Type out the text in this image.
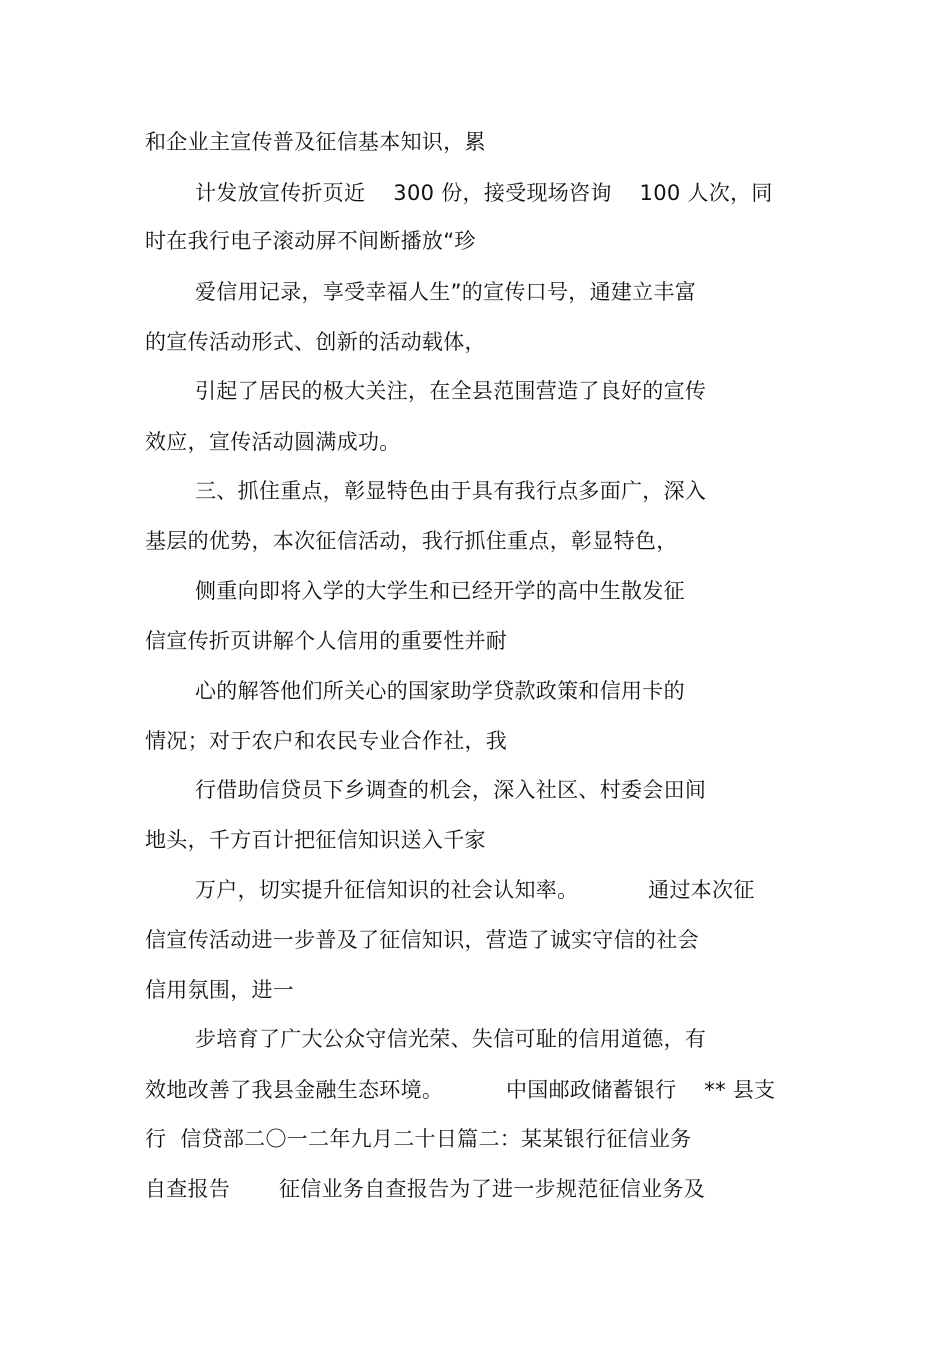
和企业主宣传普及征信基本知识，累
计发放宣传折页近    300 份，接受现场咨询    100 人次，同
时在我行电子滚动屏不间断播放“珍
爱信用记录，享受幸福人生”的宣传口号，通建立丰富
的宣传活动形式、创新的活动载体，
引起了居民的极大关注，在全县范围营造了良好的宣传
效应，宣传活动圆满成功。
三、抓住重点，彰显特色由于具有我行点多面广，深入
基层的优势，本次征信活动，我行抓住重点，彰显特色，
侧重向即将入学的大学生和已经开学的高中生散发征
信宣传折页讲解个人信用的重要性并耐
心的解答他们所关心的国家助学贷款政策和信用卡的
情况；对于农户和农民专业合作社，我
行借助信贷员下乡调查的机会，深入社区、村委会田间
地头，千方百计把征信知识送入千家
万户，切实提升征信知识的社会认知率。          通过本次征
信宣传活动进一步普及了征信知识，营造了诚实守信的社会
信用氛围，进一
步培育了广大公众守信光荣、失信可耻的信用道德，有
效地改善了我县金融生态环境。         中国邮政储蓄银行    ** 县支
行  信贷部二〇一二年九月二十日篇二：某某银行征信业务
自查报告       征信业务自查报告为了进一步规范征信业务及
